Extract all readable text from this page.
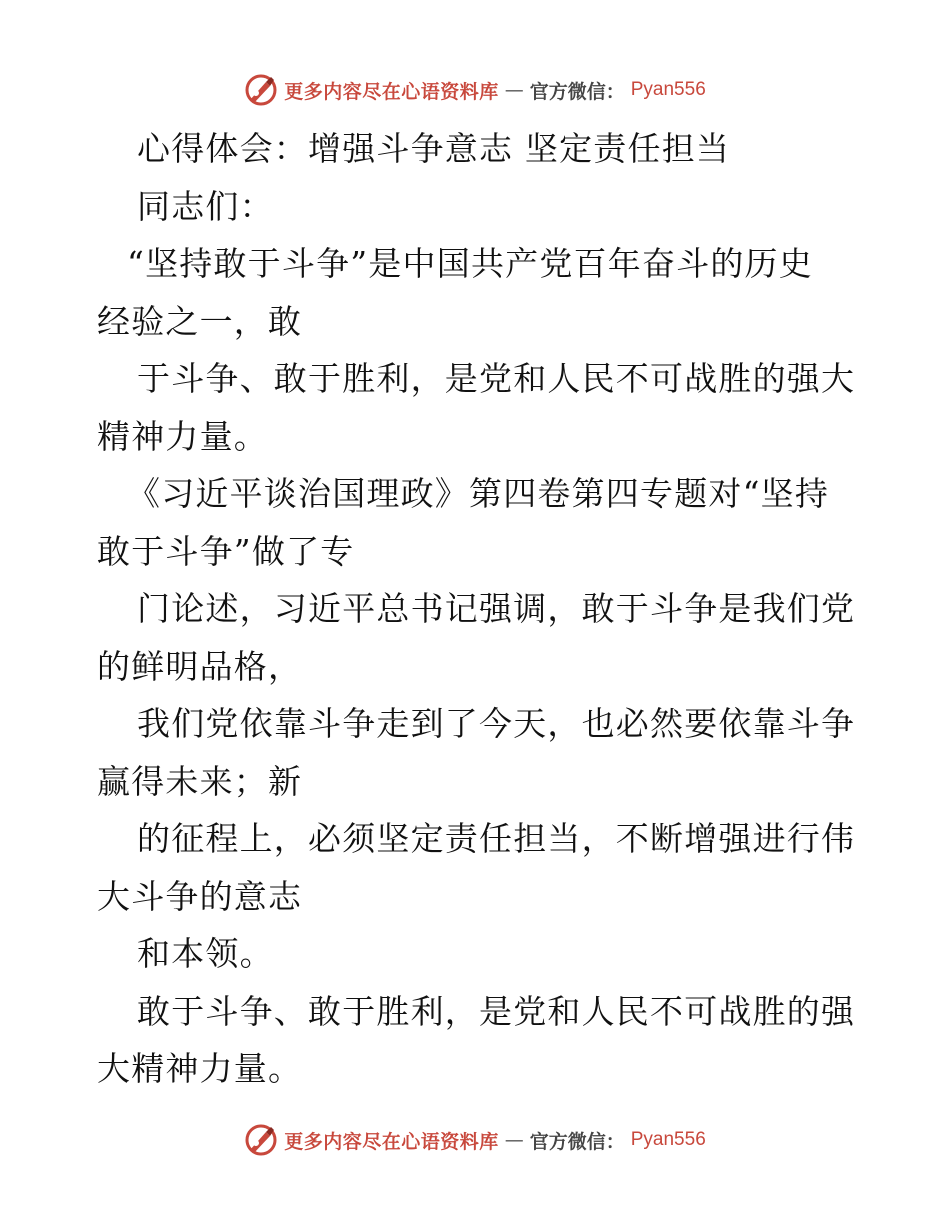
更多内容尽在心语资料库 — 官方微信： Pyan556
心得体会：增强斗争意志 坚定责任担当
同志们：
“坚持敢于斗争”是中国共产党百年奋斗的历史
经验之一，敢
于斗争、敢于胜利，是党和人民不可战胜的强大
精神力量。
《习近平谈治国理政》第四卷第四专题对“坚持
敢于斗争”做了专
门论述，习近平总书记强调，敢于斗争是我们党
的鲜明品格，
我们党依靠斗争走到了今天，也必然要依靠斗争
赢得未来；新
的征程上，必须坚定责任担当，不断增强进行伟
大斗争的意志
和本领。
敢于斗争、敢于胜利，是党和人民不可战胜的强
大精神力量。
更多内容尽在心语资料库 — 官方微信： Pyan556
